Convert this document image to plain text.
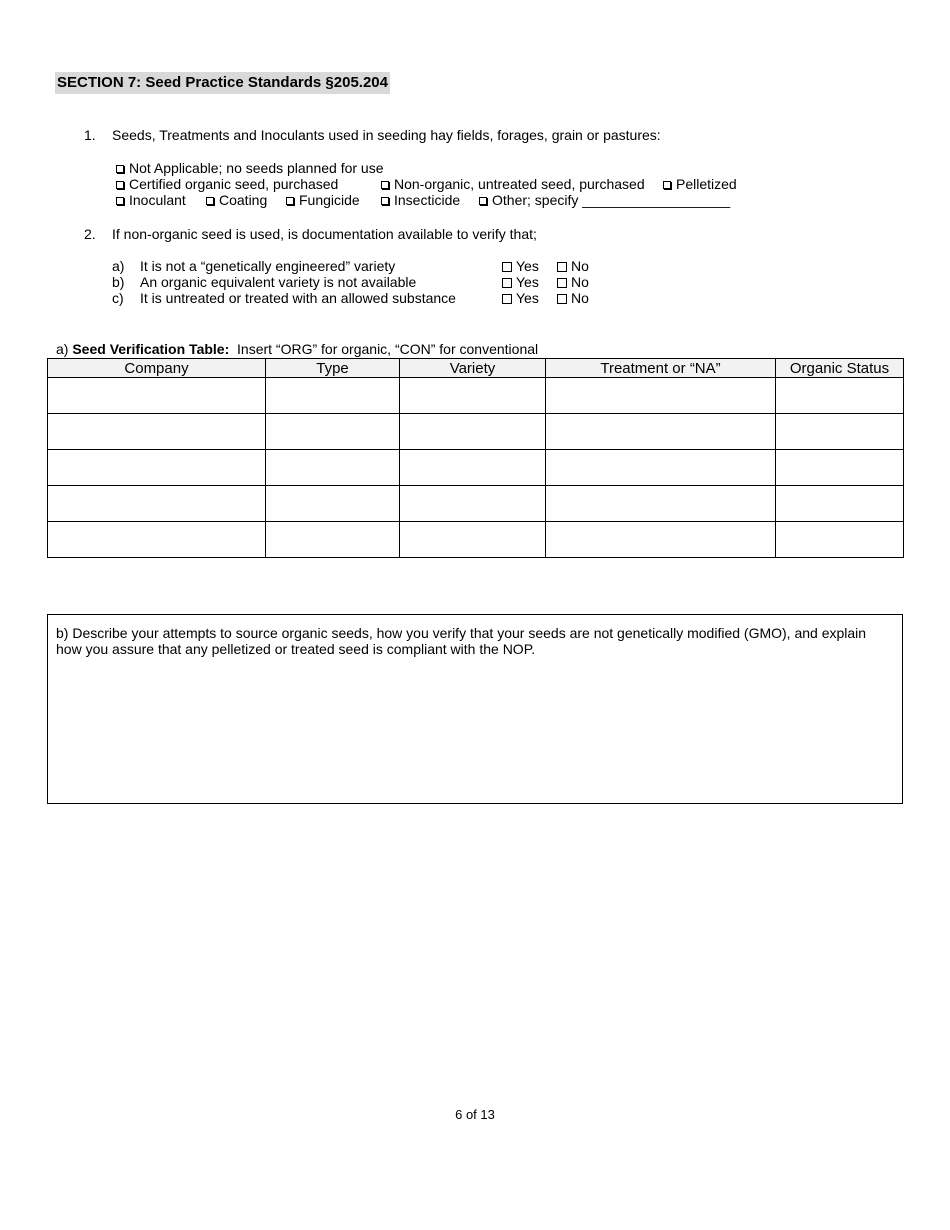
SECTION 7: Seed Practice Standards §205.204
1. Seeds, Treatments and Inoculants used in seeding hay fields, forages, grain or pastures:
Not Applicable; no seeds planned for use
Certified organic seed, purchased	Non-organic, untreated seed, purchased	Pelletized
Inoculant	Coating	Fungicide	Insecticide	Other; specify ___________________
2. If non-organic seed is used, is documentation available to verify that;
a) It is not a “genetically engineered” variety	Yes	No
b) An organic equivalent variety is not available	Yes	No
c) It is untreated or treated with an allowed substance	Yes	No
a) Seed Verification Table:  Insert “ORG” for organic, “CON” for conventional
Company	Type	Variety	Treatment or “NA”	Organic Status

b) Describe your attempts to source organic seeds, how you verify that your seeds are not genetically modified (GMO), and explain how you assure that any pelletized or treated seed is compliant with the NOP.
6 of 13
